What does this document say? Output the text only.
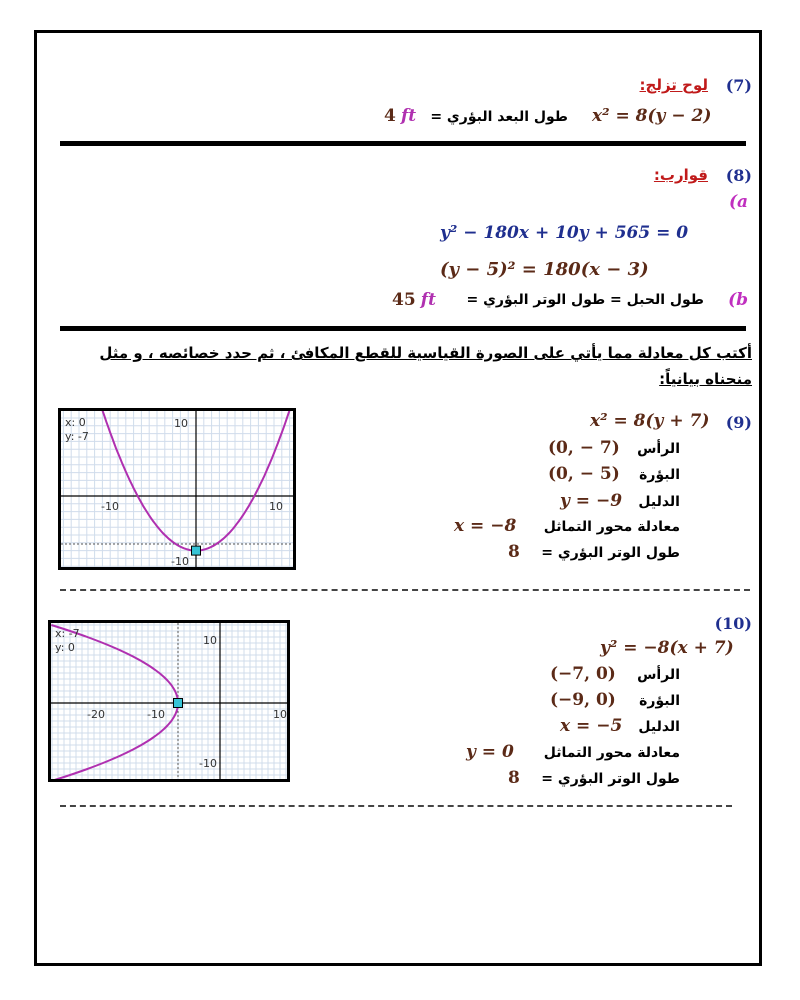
(7)
لوح تزلج:
x² = 8(y − 2)
طول البعد البؤري =
4 ft
(8)
قوارب:
(a
y² − 180x + 10y + 565 = 0
(y − 5)² = 180(x − 3)
(b
طول الحبل = طول الوتر البؤري =
45 ft
أكتب كل معادلة مما يأتي على الصورة القياسية للقطع المكافئ ، ثم حدد خصائصه ، و مثل منحناه بيانياً:
(9)
x² = 8(y + 7)
الرأس
(0, − 7)
البؤرة
(0, − 5)
الدليل
y = −9
معادلة محور التماثل
x = −8
طول الوتر البؤري =
8
x: 0
y: -7
-10	10
10
-10
(10)
y² = −8(x + 7)
الرأس
(−7, 0)
البؤرة
(−9, 0)
الدليل
x = −5
معادلة محور التماثل
y = 0
طول الوتر البؤري =
8
x: -7
y: 0
-20	-10	10
10
-10
